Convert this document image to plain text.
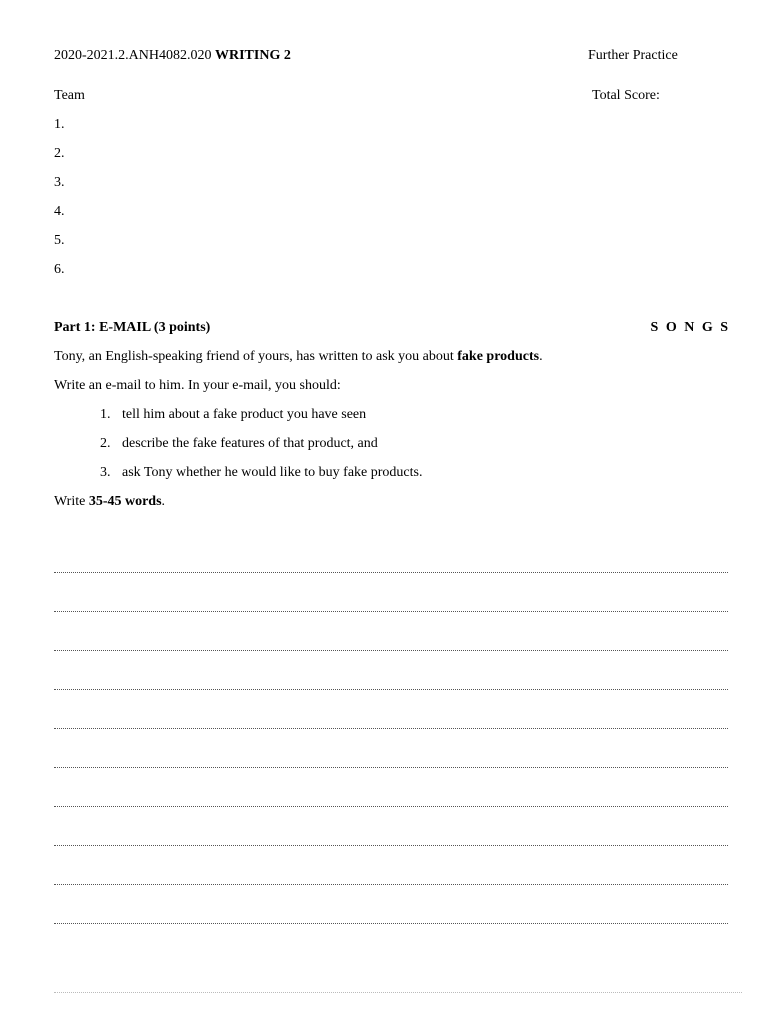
2020-2021.2.ANH4082.020 WRITING 2	Further Practice
Team	Total Score:
1.
2.
3.
4.
5.
6.
Part 1: E-MAIL (3 points)	S O N G S
Tony, an English-speaking friend of yours, has written to ask you about fake products.
Write an e-mail to him. In your e-mail, you should:
1. tell him about a fake product you have seen
2. describe the fake features of that product, and
3. ask Tony whether he would like to buy fake products.
Write 35-45 words.
